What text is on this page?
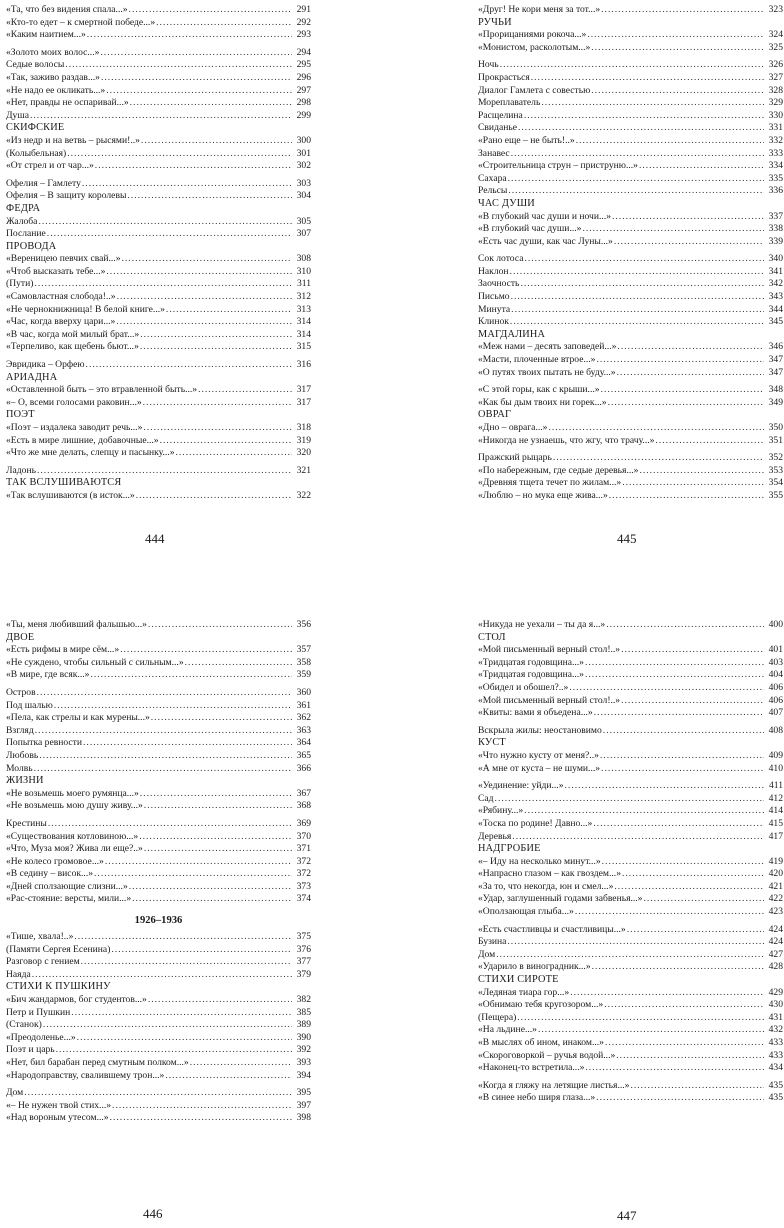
«Та, что без видения спала...» .....	291
«Кто-то едет – к смертной победе...» .....	292
«Каким наитием...» .....	293
«Золото моих волос...» .....	294
Седые волосы .....	295
«Так, заживо раздав...» .....	296
«Не надо ее окликать...» .....	297
«Нет, правды не оспаривай...» .....	298
Душа .....	299
СКИФСКИЕ
«Из недр и на ветвь – рысями!..» .....	300
(Колыбельная) .....	301
«От стрел и от чар...» .....	302
Офелия – Гамлету .....	303
Офелия – В защиту королевы .....	304
ФЕДРА
Жалоба .....	305
Послание .....	307
ПРОВОДА
«Вереницею певчих свай...» .....	308
«Чтоб высказать тебе...» .....	310
(Пути) .....	311
«Самовластная слобода!..» .....	312
«Не чернокнижница! В белой книге...» .....	313
«Час, когда вверху цари...» .....	314
«В час, когда мой милый брат...» .....	314
«Терпеливо, как щебень бьют...» .....	315
Эвридика – Орфею .....	316
АРИАДНА
«Оставленной быть – это втравленной быть...» .....	317
«– О, всеми голосами раковин...» .....	317
ПОЭТ
«Поэт – издалека заводит речь...» .....	318
«Есть в мире лишние, добавочные...» .....	319
«Что же мне делать, слепцу и пасынку...» .....	320
Ладонь .....	321
ТАК ВСЛУШИВАЮТСЯ
«Так вслушиваются (в исток...» .....	322
444
«Друг! Не кори меня за тот...» .....	323
РУЧЬИ
«Прорицаниями рокоча...» .....	324
«Монистом, расколотым...» .....	325
Ночь .....	326
Прокрасться .....	327
Диалог Гамлета с совестью .....	328
Мореплаватель .....	329
Расщелина .....	330
Свиданье .....	331
«Рано еще – не быть!..» .....	332
Занавес .....	333
«Строительница струн – приструню...» .....	334
Сахара .....	335
Рельсы .....	336
ЧАС ДУШИ
«В глубокий час души и ночи...» .....	337
«В глубокий час души...» .....	338
«Есть час души, как час Луны...» .....	339
Сок лотоса .....	340
Наклон .....	341
Заочность .....	342
Письмо .....	343
Минута .....	344
Клинок .....	345
МАГДАЛИНА
«Меж нами – десять заповедей...» .....	346
«Масти, плоченные втрое...» .....	347
«О путях твоих пытать не буду...» .....	347
«С этой горы, как с крыши...» .....	348
«Как бы дым твоих ни горек...» .....	349
ОВРАГ
«Дно – оврага...» .....	350
«Никогда не узнаешь, что жгу, что трачу...» .....	351
Пражский рыцарь .....	352
«По набережным, где седые деревья...» .....	353
«Древняя тщета течет по жилам...» .....	354
«Люблю – но мука еще жива...» .....	355
445
«Ты, меня любивший фальшью...» .....	356
ДВОЕ
«Есть рифмы в мире сём...» .....	357
«Не суждено, чтобы сильный с сильным...» .....	358
«В мире, где всяк...» .....	359
Остров .....	360
Под шалью .....	361
«Пела, как стрелы и как мурены...» .....	362
Взгляд .....	363
Попытка ревности .....	364
Любовь .....	365
Молвь .....	366
ЖИЗНИ
«Не возьмешь моего румянца...» .....	367
«Не возьмешь мою душу живу...» .....	368
Крестины .....	369
«Существования котловиною...» .....	370
«Что, Муза моя? Жива ли еще?..» .....	371
«Не колесо громовое...» .....	372
«В седину – висок...» .....	372
«Дней сползающие слизни...» .....	373
«Рас-стояние: версты, мили...» .....	374
1926–1936
«Тише, хвала!..» .....	375
(Памяти Сергея Есенина) .....	376
Разговор с гением .....	377
Наяда .....	379
СТИХИ К ПУШКИНУ
«Бич жандармов, бог студентов...» .....	382
Петр и Пушкин .....	385
(Станок) .....	389
«Преодоленье...» .....	390
Поэт и царь .....	392
«Нет, бил барабан перед смутным полком...» .....	393
«Народоправству, свалившему трон...» .....	394
Дом .....	395
«– Не нужен твой стих...» .....	397
«Над вороным утесом...» .....	398
446
«Никуда не уехали – ты да я...» .....	400
СТОЛ
«Мой письменный верный стол!..» .....	401
«Тридцатая годовщина...» .....	403
«Тридцатая годовщина...» .....	404
«Обидел и обошел?..» .....	406
«Мой письменный верный стол!..» .....	406
«Квиты: вами я объедена...» .....	407
Вскрыла жилы: неостановимо .....	408
КУСТ
«Что нужно кусту от меня?..» .....	409
«А мне от куста – не шуми...» .....	410
«Уединение: уйди...» .....	411
Сад .....	412
«Рябину...» .....	414
«Тоска по родине! Давно...» .....	415
Деревья .....	417
НАДГРОБИЕ
«– Иду на несколько минут...» .....	419
«Напрасно глазом – как гвоздем...» .....	420
«За то, что некогда, юн и смел...» .....	421
«Удар, заглушенный годами забвенья...» .....	422
«Оползающая глыба...» .....	423
«Есть счастливцы и счастливицы...» .....	424
Бузина .....	424
Дом .....	427
«Ударило в виноградник...» .....	428
СТИХИ СИРОТЕ
«Ледяная тиара гор...» .....	429
«Обнимаю тебя кругозором...» .....	430
(Пещера) .....	431
«На льдине...» .....	432
«В мыслях об ином, инаком...» .....	433
«Скороговоркой – ручья водой...» .....	433
«Наконец-то встретила...» .....	434
«Когда я гляжу на летящие листья...» .....	435
«В синее небо ширя глаза...» .....	435
447
